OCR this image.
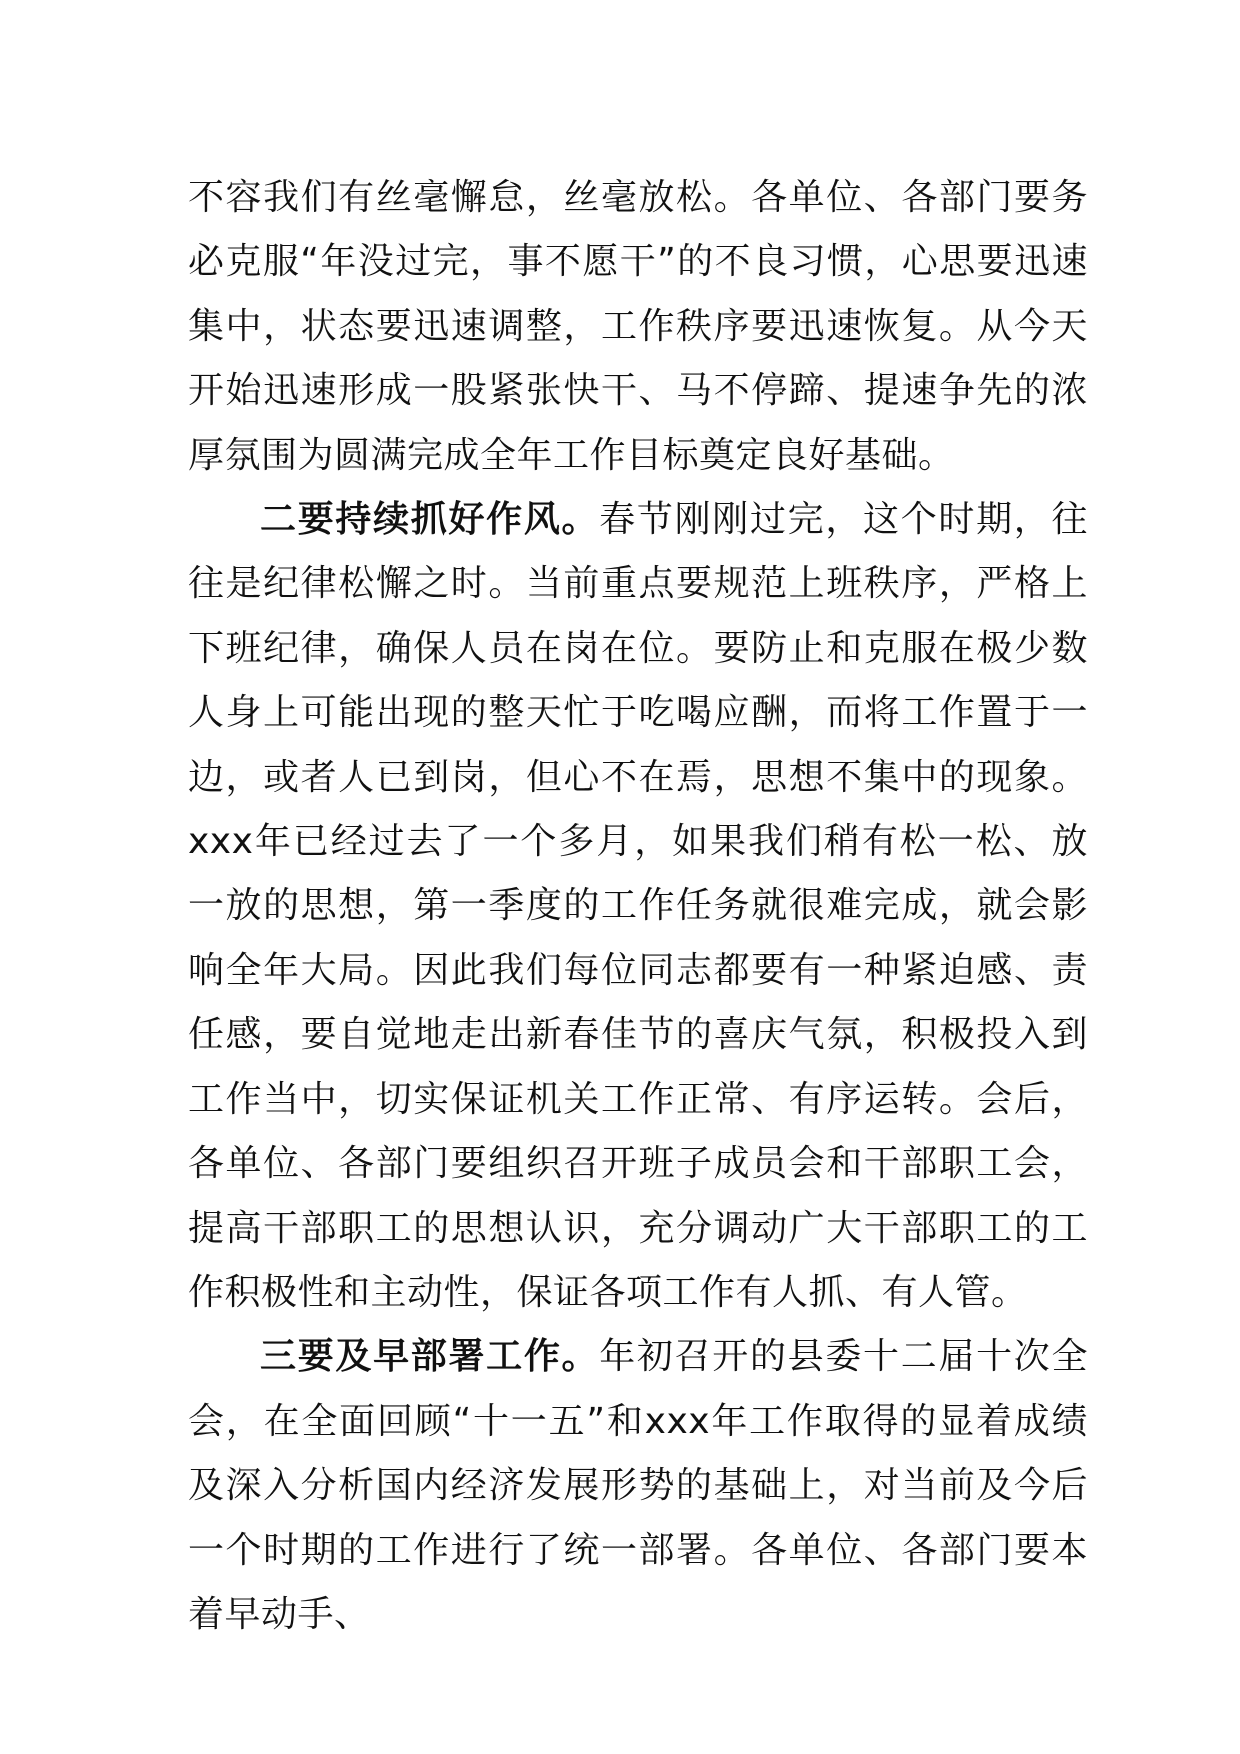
不容我们有丝毫懈怠，丝毫放松。各单位、各部门要务必克服“年没过完，事不愿干”的不良习惯，心思要迅速集中，状态要迅速调整，工作秩序要迅速恢复。从今天开始迅速形成一股紧张快干、马不停蹄、提速争先的浓厚氛围为圆满完成全年工作目标奠定良好基础。

二要持续抓好作风。春节刚刚过完，这个时期，往往是纪律松懈之时。当前重点要规范上班秩序，严格上下班纪律，确保人员在岗在位。要防止和克服在极少数人身上可能出现的整天忙于吃喝应酬，而将工作置于一边，或者人已到岗，但心不在焉，思想不集中的现象。xxx年已经过去了一个多月，如果我们稍有松一松、放一放的思想，第一季度的工作任务就很难完成，就会影响全年大局。因此我们每位同志都要有一种紧迫感、责任感，要自觉地走出新春佳节的喜庆气氛，积极投入到工作当中，切实保证机关工作正常、有序运转。会后，各单位、各部门要组织召开班子成员会和干部职工会，提高干部职工的思想认识，充分调动广大干部职工的工作积极性和主动性，保证各项工作有人抓、有人管。

三要及早部署工作。年初召开的县委十二届十次全会，在全面回顾“十一五”和xxx年工作取得的显着成绩及深入分析国内经济发展形势的基础上，对当前及今后一个时期的工作进行了统一部署。各单位、各部门要本着早动手、
